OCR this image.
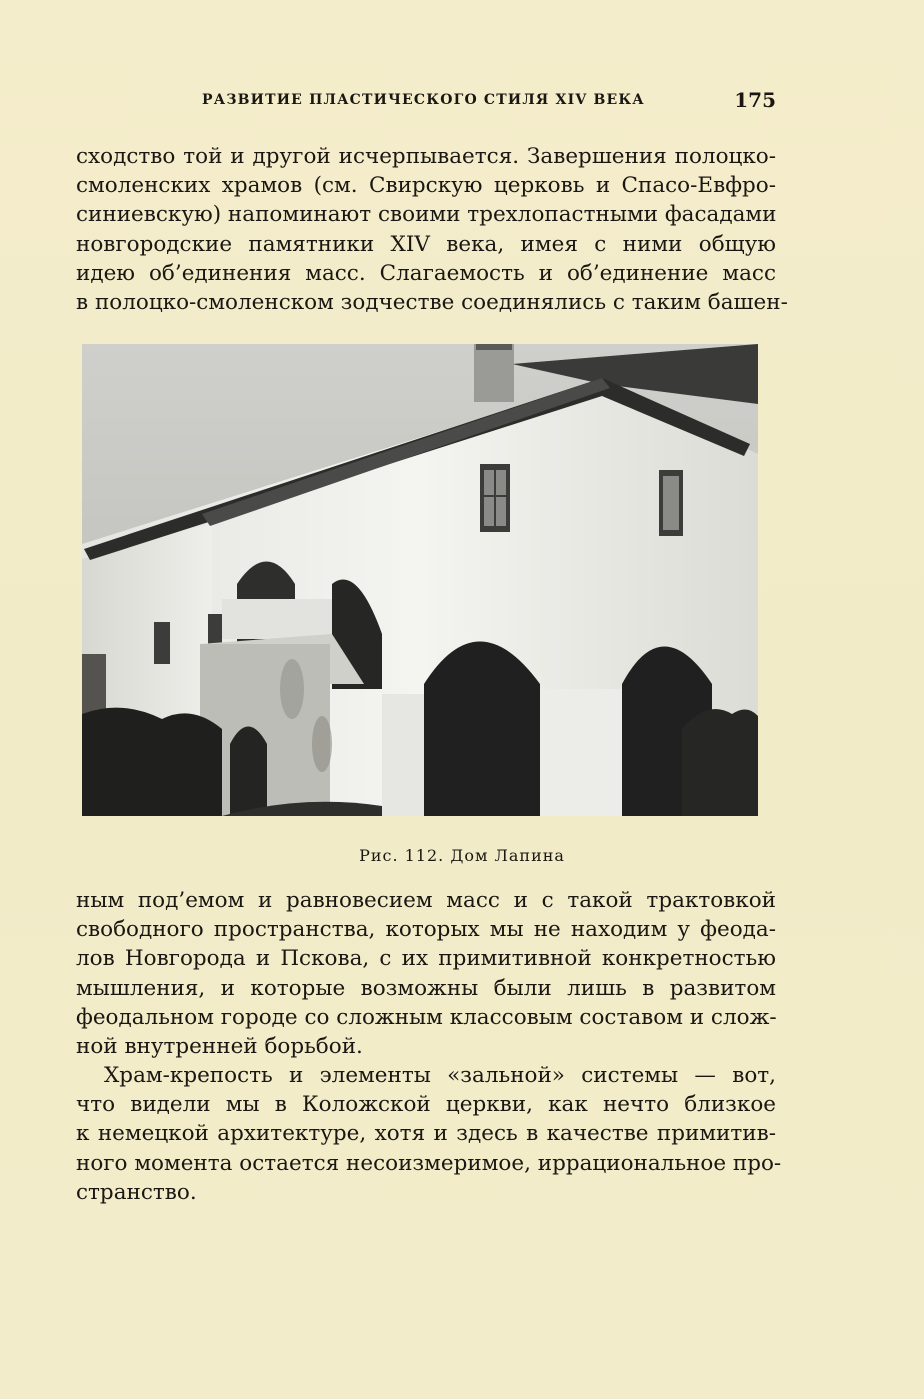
РАЗВИТИЕ ПЛАСТИЧЕСКОГО СТИЛЯ XIV ВЕКА	175
сходство той и другой исчерпывается. Завершения полоцко-
смоленских храмов (см. Свирскую церковь и Спасо-Евфро-
синиевскую) напоминают своими трехлопастными фасадами
новгородские памятники XIV века, имея с ними общую
идею об’единения масс. Слагаемость и об’единение масс
в полоцко-смоленском зодчестве соединялись с таким башен-
Рис. 112. Дом Лапина
ным под’емом и равновесием масс и с такой трактовкой
свободного пространства, которых мы не находим у феода-
лов Новгорода и Пскова, с их примитивной конкретностью
мышления, и которые возможны были лишь в развитом
феодальном городе со сложным классовым составом и слож-
ной внутренней борьбой.
Храм-крепость и элементы «зальной» системы — вот,
что видели мы в Коложской церкви, как нечто близкое
к немецкой архитектуре, хотя и здесь в качестве примитив-
ного момента остается несоизмеримое, иррациональное про-
странство.
